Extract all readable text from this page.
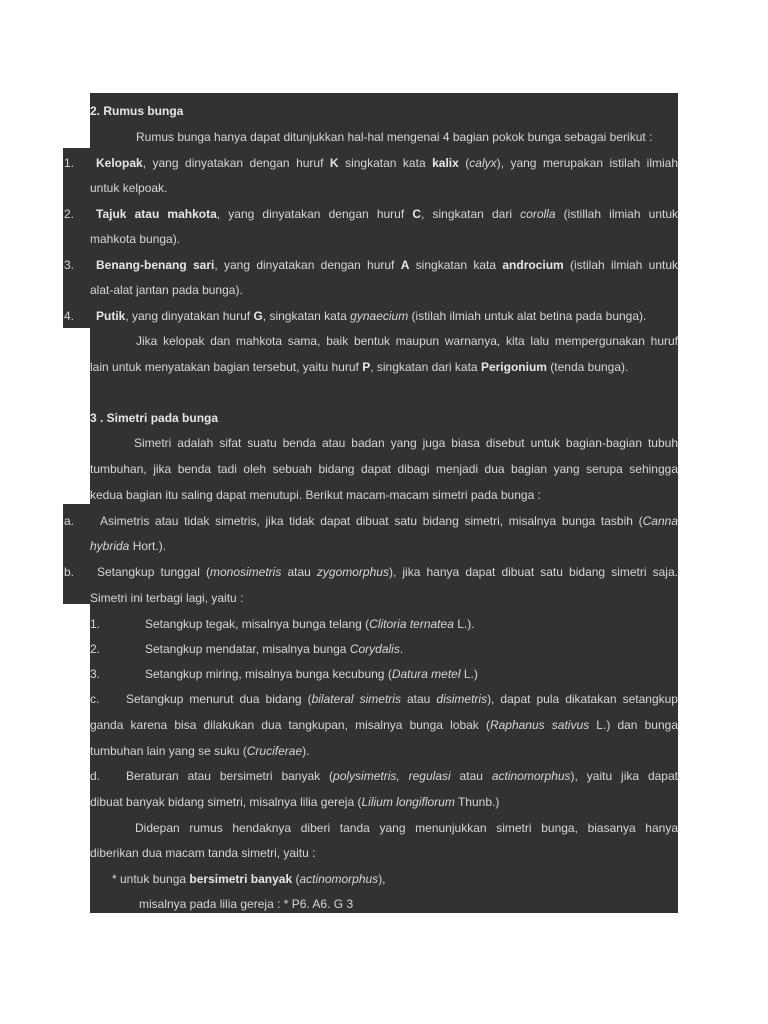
2. Rumus bunga
Rumus bunga hanya dapat ditunjukkan hal-hal mengenai 4 bagian pokok bunga sebagai berikut :
1. Kelopak, yang dinyatakan dengan huruf K singkatan kata kalix (calyx), yang merupakan istilah ilmiah
untuk kelpoak.
2. Tajuk atau mahkota, yang dinyatakan dengan huruf C, singkatan dari corolla (istillah ilmiah untuk
mahkota bunga).
3. Benang-benang sari, yang dinyatakan dengan huruf A singkatan kata androcium (istilah ilmiah untuk
alat-alat jantan pada bunga).
4. Putik, yang dinyatakan huruf G, singkatan kata gynaecium (istilah ilmiah untuk alat betina pada bunga).
Jika kelopak dan mahkota sama, baik bentuk maupun warnanya, kita lalu mempergunakan huruf
lain untuk menyatakan bagian tersebut, yaitu huruf P, singkatan dari kata Perigonium (tenda bunga).
3 . Simetri pada bunga
Simetri adalah sifat suatu benda atau badan yang juga biasa disebut untuk bagian-bagian tubuh
tumbuhan, jika benda tadi oleh sebuah bidang dapat dibagi menjadi dua bagian yang serupa sehingga
kedua bagian itu saling dapat menutupi. Berikut macam-macam simetri pada bunga :
a. Asimetris atau tidak simetris, jika tidak dapat dibuat satu bidang simetri, misalnya bunga tasbih (Canna
hybrida Hort.).
b. Setangkup tunggal (monosimetris atau zygomorphus), jika hanya dapat dibuat satu bidang simetri saja.
Simetri ini terbagi lagi, yaitu :
1.	Setangkup tegak, misalnya bunga telang (Clitoria ternatea L.).
2.	Setangkup mendatar, misalnya bunga Corydalis.
3.	Setangkup miring, misalnya bunga kecubung (Datura metel L.)
c. Setangkup menurut dua bidang (bilateral simetris atau disimetris), dapat pula dikatakan setangkup
ganda karena bisa dilakukan dua tangkupan, misalnya bunga lobak (Raphanus sativus L.) dan bunga
tumbuhan lain yang se suku (Cruciferae).
d. Beraturan atau bersimetri banyak (polysimetris, regulasi atau actinomorphus), yaitu jika dapat
dibuat banyak bidang simetri, misalnya lilia gereja (Lilium longiflorum Thunb.)
Didepan rumus hendaknya diberi tanda yang menunjukkan simetri bunga, biasanya hanya
diberikan dua macam tanda simetri, yaitu :
* untuk bunga bersimetri banyak (actinomorphus),
misalnya pada lilia gereja : * P6. A6. G 3
